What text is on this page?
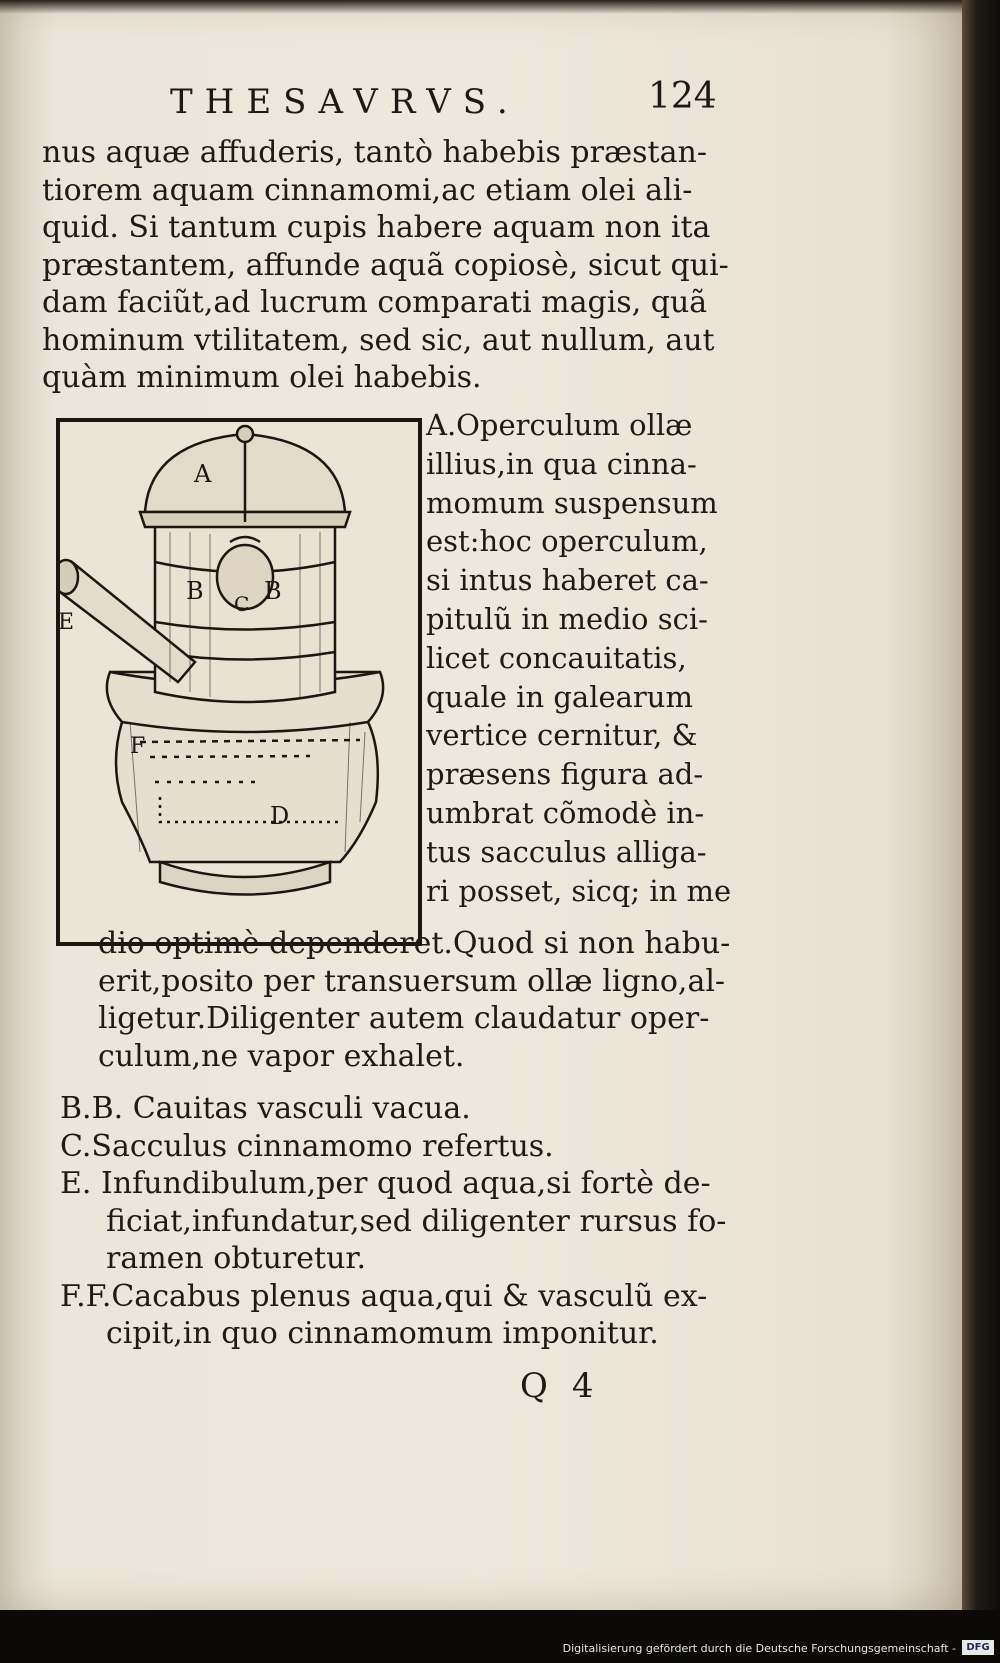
THESAVRVS.	124
nus aquæ affuderis, tantò habebis præstan-
tiorem aquam cinnamomi,ac etiam olei ali-
quid. Si tantum cupis habere aquam non ita
præstantem, affunde aquã copiosè, sicut qui-
dam faciũt,ad lucrum comparati magis, quã
hominum vtilitatem, sed sic, aut nullum, aut
quàm minimum olei habebis.
A
B C B
E
F
D
A.Operculum ollæ
illius,in qua cinna-
momum suspensum
est:hoc operculum,
si intus haberet ca-
pitulũ in medio sci-
licet concauitatis,
quale in galearum
vertice cernitur, &
præsens figura ad-
umbrat cõmodè in-
tus sacculus alliga-
ri posset, sicq; in me
dio optimè dependeret.Quod si non habu-
erit,posito per transuersum ollæ ligno,al-
ligetur.Diligenter autem claudatur oper-
culum,ne vapor exhalet.
B.B. Cauitas vasculi vacua.
C.Sacculus cinnamomo refertus.
E. Infundibulum,per quod aqua,si fortè de-
ficiat,infundatur,sed diligenter rursus fo-
ramen obturetur.
F.F.Cacabus plenus aqua,qui & vasculũ ex-
cipit,in quo cinnamomum imponitur.
Q 4
Digitalisierung gefördert durch die Deutsche Forschungsgemeinschaft -	DFG
